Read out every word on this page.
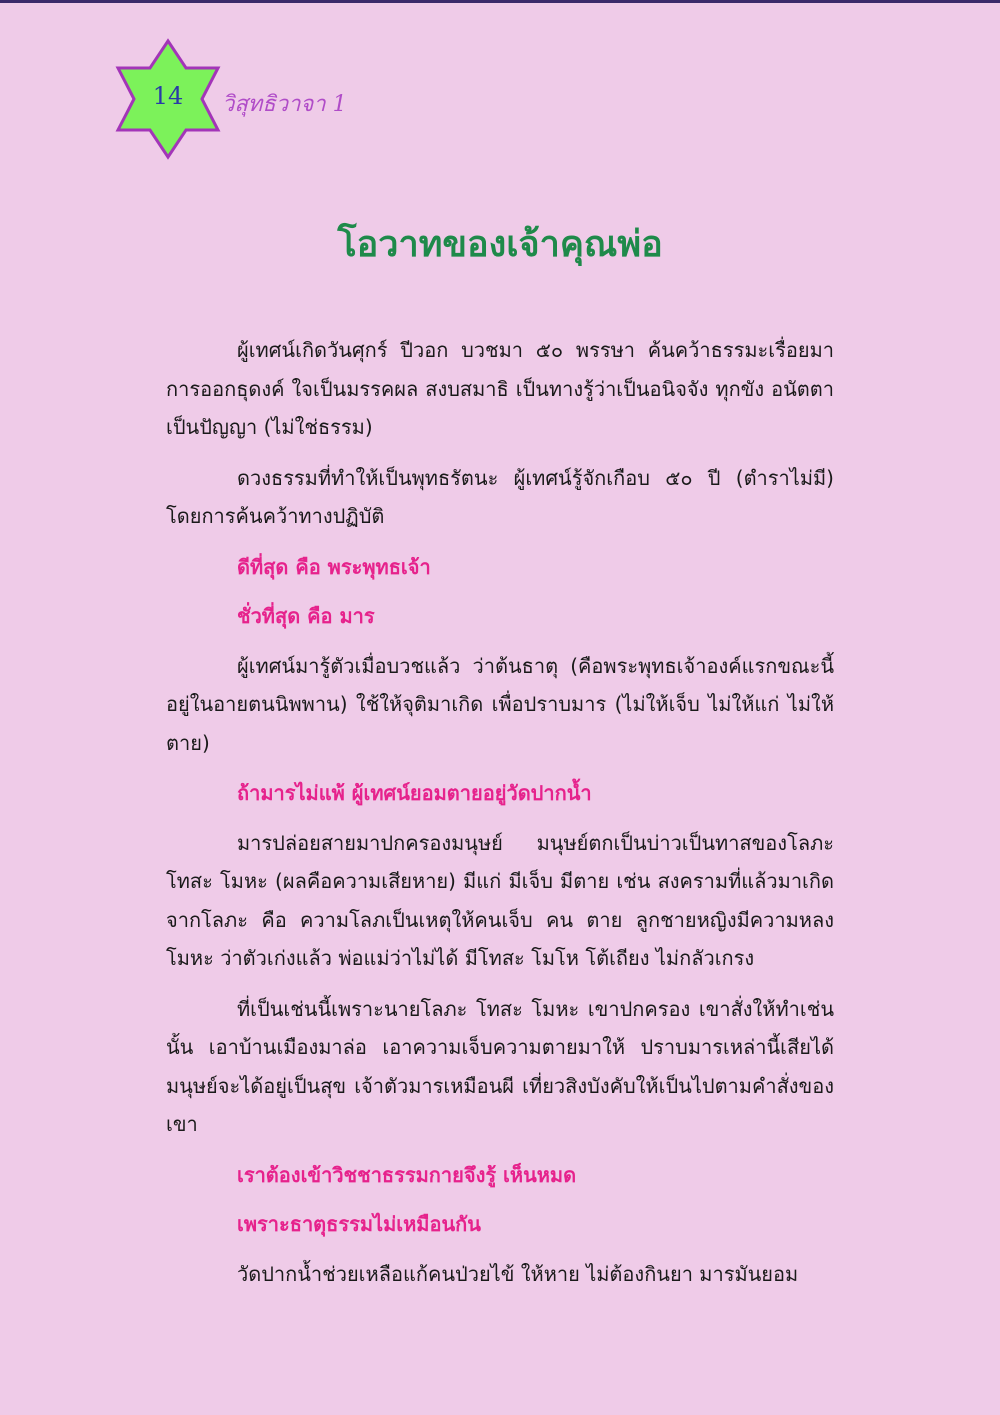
14	วิสุทธิวาจา 1
โอวาทของเจ้าคุณพ่อ

ผู้เทศน์เกิดวันศุกร์ ปีวอก บวชมา ๕๐ พรรษา ค้นคว้าธรรมะเรื่อยมา การออกธุดงค์ ใจเป็นมรรคผล สงบสมาธิ เป็นทางรู้ว่าเป็นอนิจจัง ทุกขัง อนัตตา เป็นปัญญา (ไม่ใช่ธรรม)

ดวงธรรมที่ทำให้เป็นพุทธรัตนะ ผู้เทศน์รู้จักเกือบ ๕๐ ปี (ตำราไม่มี) โดยการค้นคว้าทางปฏิบัติ

ดีที่สุด คือ พระพุทธเจ้า

ชั่วที่สุด คือ มาร

ผู้เทศน์มารู้ตัวเมื่อบวชแล้ว ว่าต้นธาตุ (คือพระพุทธเจ้าองค์แรกขณะนี้อยู่ในอายตนนิพพาน) ใช้ให้จุติมาเกิด เพื่อปราบมาร (ไม่ให้เจ็บ ไม่ให้แก่ ไม่ให้ตาย)

ถ้ามารไม่แพ้ ผู้เทศน์ยอมตายอยู่วัดปากน้ำ

มารปล่อยสายมาปกครองมนุษย์ มนุษย์ตกเป็นบ่าวเป็นทาสของโลภะ โทสะ โมหะ (ผลคือความเสียหาย) มีแก่ มีเจ็บ มีตาย เช่น สงครามที่แล้วมาเกิดจากโลภะ คือ ความโลภเป็นเหตุให้คนเจ็บ คน ตาย ลูกชายหญิงมีความหลง โมหะ ว่าตัวเก่งแล้ว พ่อแม่ว่าไม่ได้ มีโทสะ โมโห โต้เถียง ไม่กลัวเกรง

ที่เป็นเช่นนี้เพราะนายโลภะ โทสะ โมหะ เขาปกครอง เขาสั่งให้ทำเช่นนั้น เอาบ้านเมืองมาล่อ เอาความเจ็บความตายมาให้ ปราบมารเหล่านี้เสียได้ มนุษย์จะได้อยู่เป็นสุข เจ้าตัวมารเหมือนผี เที่ยวสิงบังคับให้เป็นไปตามคำสั่งของเขา

เราต้องเข้าวิชชาธรรมกายจึงรู้ เห็นหมด

เพราะธาตุธรรมไม่เหมือนกัน

วัดปากน้ำช่วยเหลือแก้คนป่วยไข้ ให้หาย ไม่ต้องกินยา มารมันยอม
